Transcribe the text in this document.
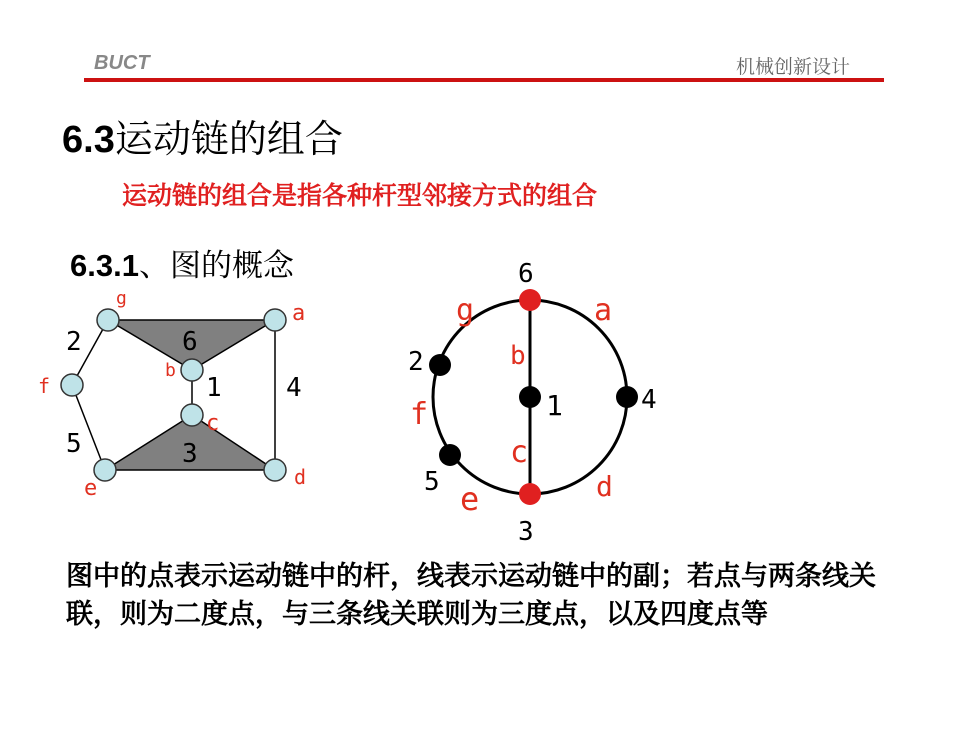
BUCT	机械创新设计
6.3运动链的组合
运动链的组合是指各种杆型邻接方式的组合
6.3.1、图的概念
g
a
b
c
f
e	d
2	6
1 4
5	3
6
2
1	4
5
3
g	a
b
f
c
e	d
图中的点表示运动链中的杆，线表示运动链中的副；若点与两条线关联，则为二度点，与三条线关联则为三度点，以及四度点等
